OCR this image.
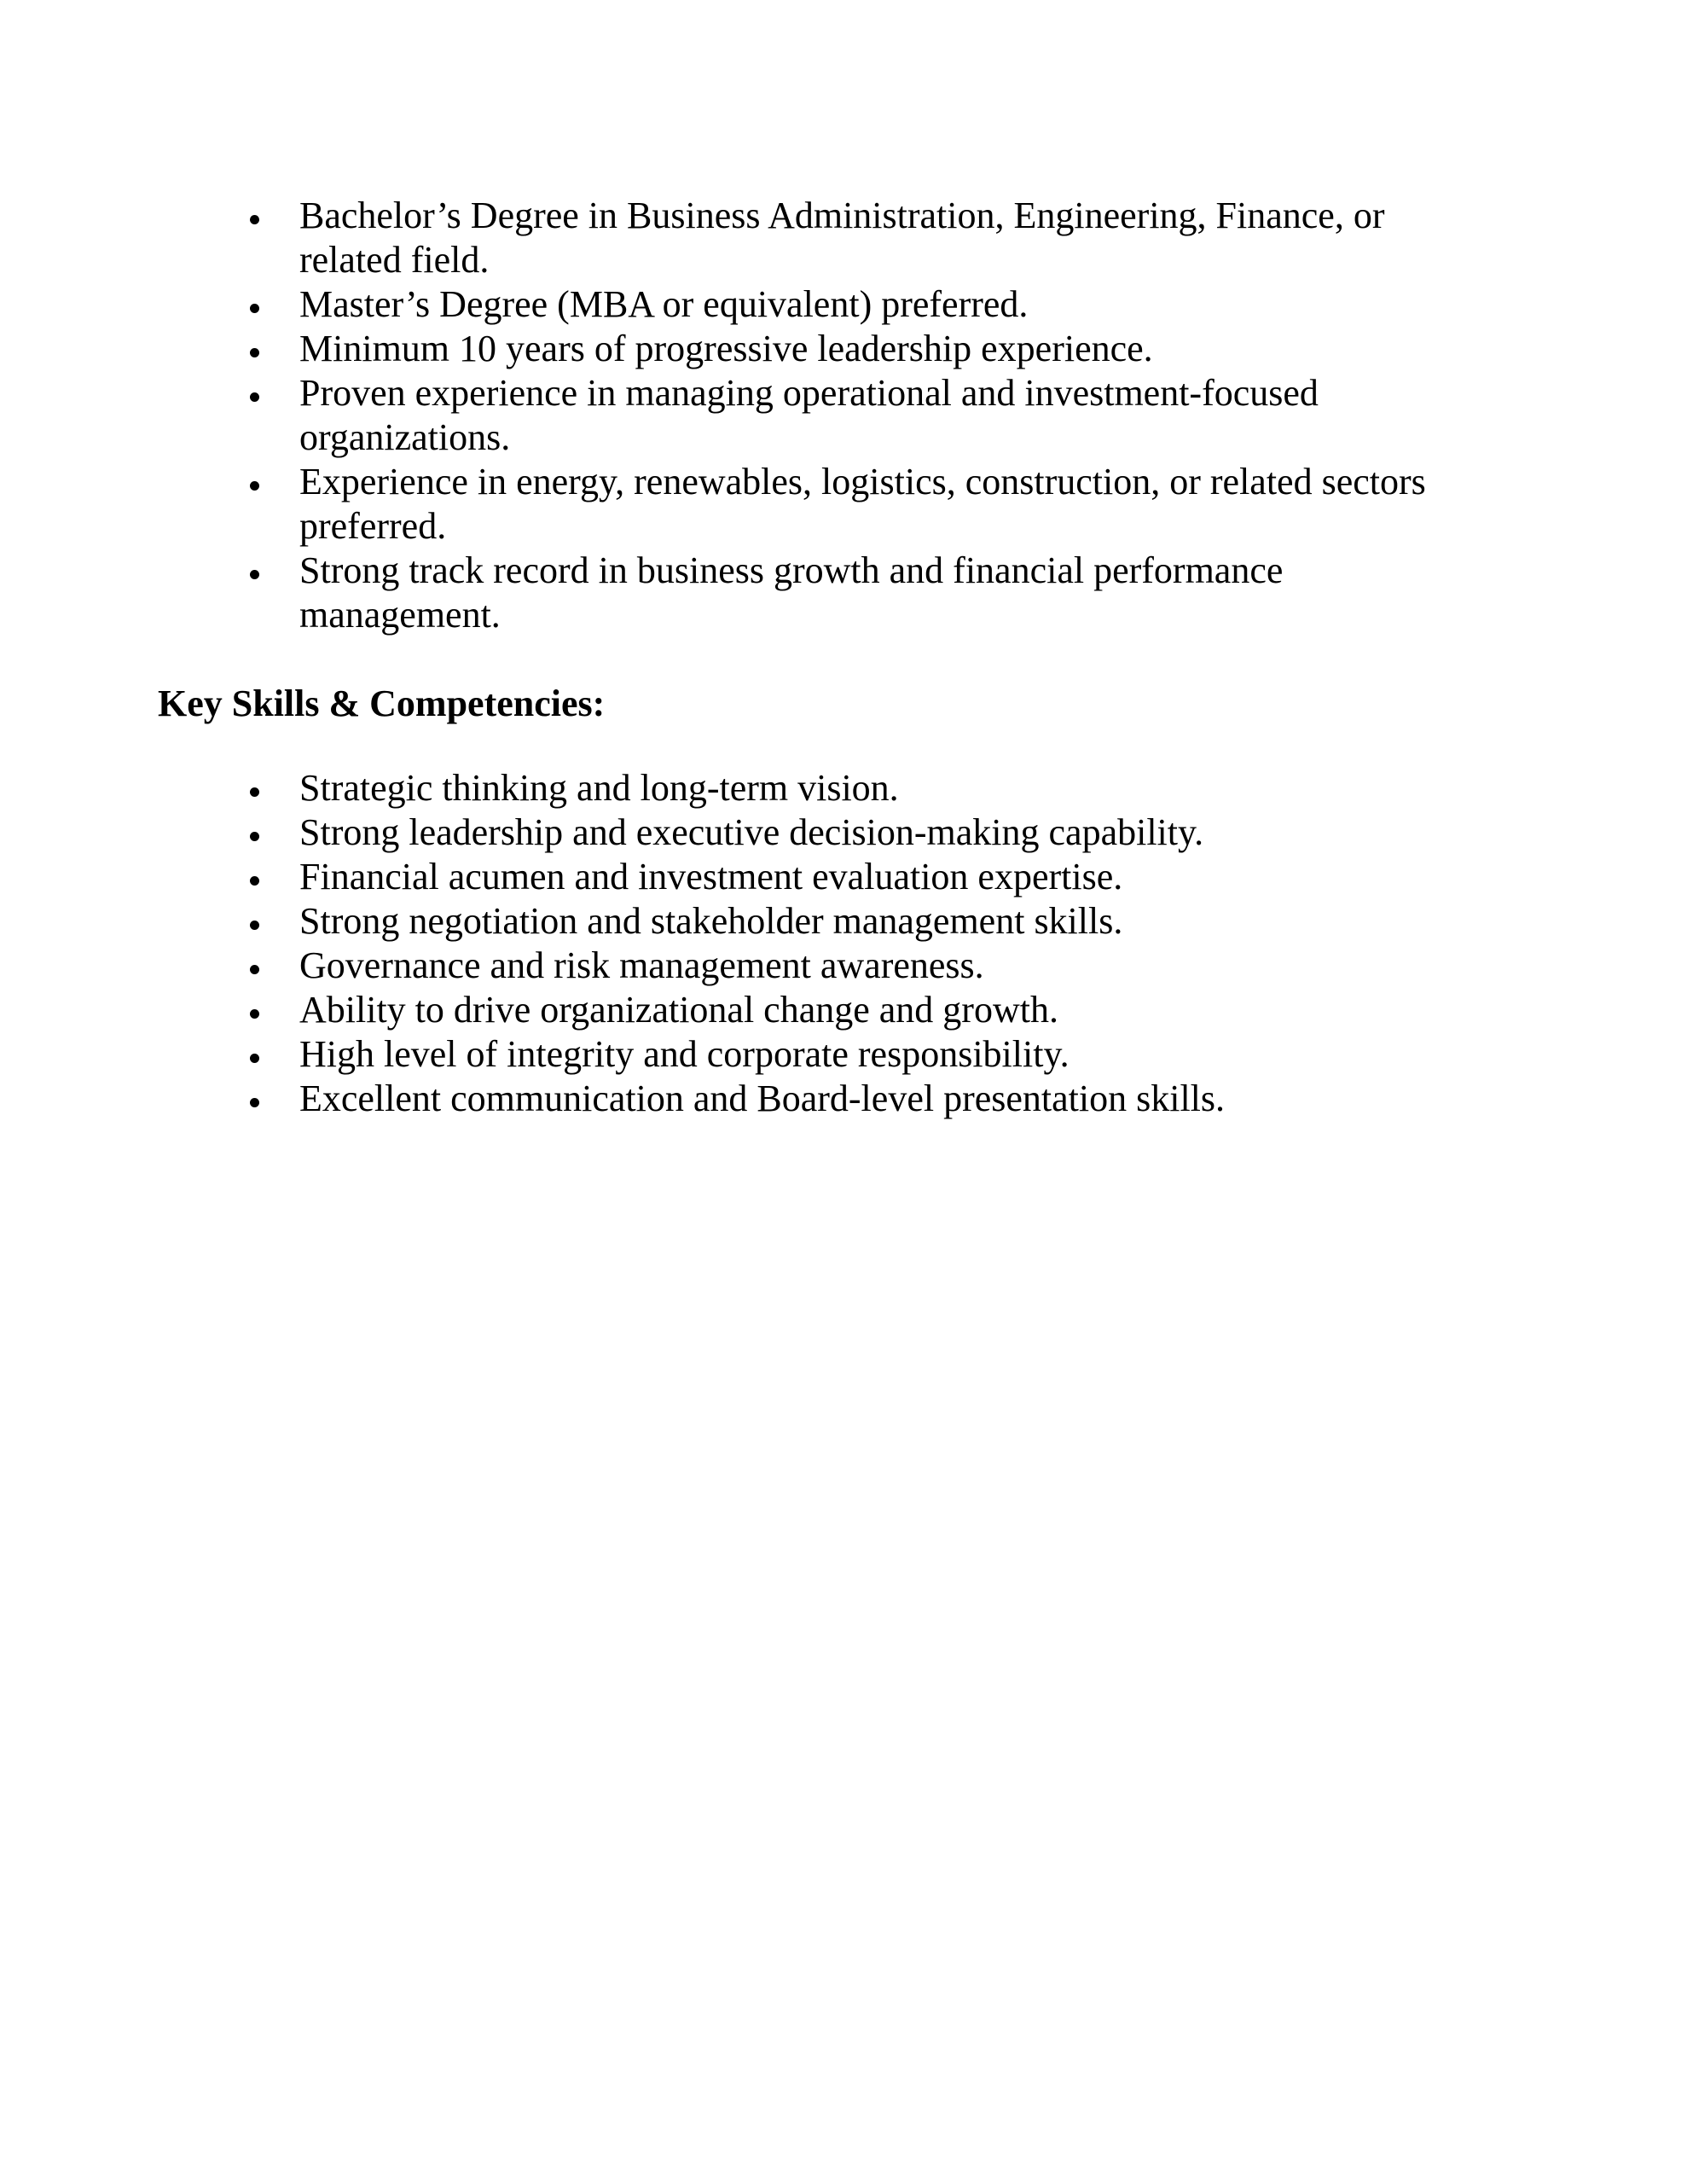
Bachelor’s Degree in Business Administration, Engineering, Finance, or
related field.
Master’s Degree (MBA or equivalent) preferred.
Minimum 10 years of progressive leadership experience.
Proven experience in managing operational and investment-focused
organizations.
Experience in energy, renewables, logistics, construction, or related sectors
preferred.
Strong track record in business growth and financial performance
management.
Key Skills & Competencies:
Strategic thinking and long-term vision.
Strong leadership and executive decision-making capability.
Financial acumen and investment evaluation expertise.
Strong negotiation and stakeholder management skills.
Governance and risk management awareness.
Ability to drive organizational change and growth.
High level of integrity and corporate responsibility.
Excellent communication and Board-level presentation skills.
